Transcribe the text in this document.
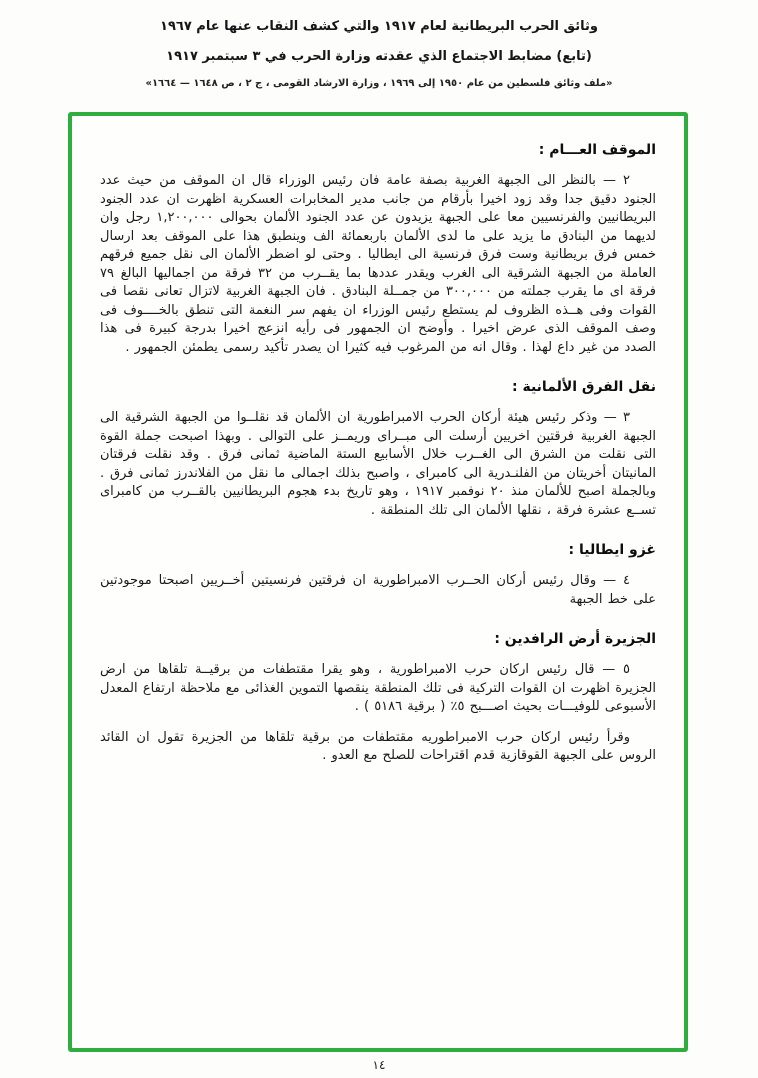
وثائق الحرب البريطانية لعام ١٩١٧ والتي كشف النقاب عنها عام ١٩٦٧
(تابع) مضابط الاجتماع الذي عقدته وزارة الحرب في ٣ سبتمبر ١٩١٧
«ملف وثائق فلسطين من عام ١٩٥٠ إلى ١٩٦٩ ، وزارة الارشاد القومى ، ج ٢ ، ص ١٦٤٨ — ١٦٦٤»
الموقف العـــام :
٢ — بالنظر الى الجبهة الغربية بصفة عامة فان رئيس الوزراء قال ان الموقف من حيث عدد الجنود دقيق جدا وقد زود اخيرا بأرقام من جانب مدير المخابرات العسكرية اظهرت ان عدد الجنود البريطانيين والفرنسيين معا على الجبهة يزيدون عن عدد الجنود الألمان بحوالى ١,٢٠٠,٠٠٠ رجل وان لديهما من البنادق ما يزيد على ما لدى الألمان باربعمائة الف وينطبق هذا على الموقف بعد ارسال خمس فرق بريطانية وست فرق فرنسية الى ايطاليا . وحتى لو اضطر الألمان الى نقل جميع فرقهم العاملة من الجبهة الشرقية الى الغرب ويقدر عددها بما يقــرب من ٣٢ فرقة من اجماليها البالغ ٧٩ فرقة اى ما يقرب جملته من ٣٠٠,٠٠٠ من جمــلة البنادق . فان الجبهة الغربية لاتزال تعانى نقصا فى القوات وفى هــذه الظروف لم يستطع رئيس الوزراء ان يفهم سر النغمة التى تنطق بالخــــوف فى وصف الموقف الذى عرض اخيرا . وأوضح ان الجمهور فى رأيه انزعج اخيرا بدرجة كبيرة فى هذا الصدد من غير داع لهذا . وقال انه من المرغوب فيه كثيرا ان يصدر تأكيد رسمى يطمئن الجمهور .
نقل الفرق الألمانية :
٣ — وذكر رئيس هيئة أركان الحرب الامبراطورية ان الألمان قد نقلــوا من الجبهة الشرقية الى الجبهة الغربية فرقتين اخريين أرسلت الى مبــراى وريمــز على التوالى . وبهذا اصبحت جملة القوة التى نقلت من الشرق الى الغــرب خلال الأسابيع الستة الماضية ثمانى فرق . وقد نقلت فرقتان المانيتان أخريتان من الفلنـدرية الى كامبراى ، واصبح بذلك اجمالى ما نقل من الفلاندرز ثمانى فرق . وبالجملة اصبح للألمان منذ ٢٠ نوفمبر ١٩١٧ ، وهو تاريخ بدء هجوم البريطانيين بالقــرب من كامبراى تســع عشرة فرقة ، نقلها الألمان الى تلك المنطقة .
غزو ايطاليا :
٤ — وقال رئيس أركان الحــرب الامبراطورية ان فرقتين فرنسيتين أخــريين اصبحتا موجودتين على خط الجبهة
الجزيرة أرض الرافدين :
٥ — قال رئيس اركان حرب الامبراطورية ، وهو يقرا مقتطفات من برقيــة تلقاها من ارض الجزيرة اظهرت ان القوات التركية فى تلك المنطقة ينقصها التموين الغذائى مع ملاحظة ارتفاع المعدل الأسبوعى للوفيـــات بحيث اصـــبح ٥٪ ( برقية ٥١٨٦ ) .
وقرأ رئيس اركان حرب الامبراطوريه مقتطفات من برقية تلقاها من الجزيرة تقول ان القائد الروس على الجبهة القوقازية قدم اقتراحات للصلح مع العدو .
١٤
